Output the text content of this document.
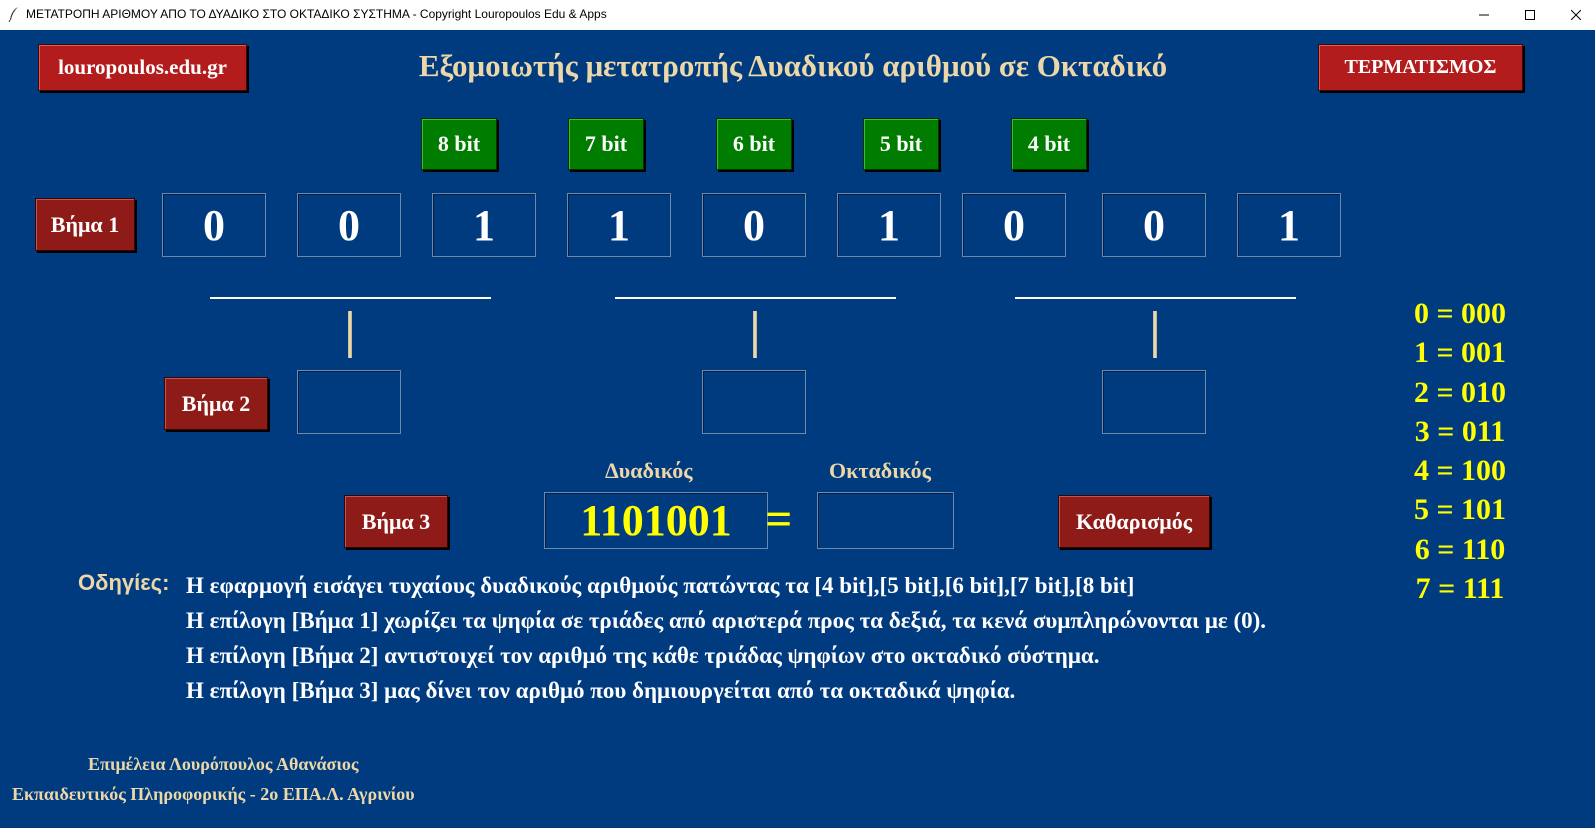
ΜΕΤΑΤΡΟΠΗ ΑΡΙΘΜΟΥ ΑΠΟ ΤΟ ΔΥΑΔΙΚΟ ΣΤΟ ΟΚΤΑΔΙΚΟ ΣΥΣΤΗΜΑ - Copyright Louropoulos Edu & Apps
louropoulos.edu.gr	Εξομοιωτής μετατροπής Δυαδικού αριθμού σε Οκταδικό	ΤΕΡΜΑΤΙΣΜΟΣ
8 bit	7 bit	6 bit	5 bit	4 bit
Βήμα 1	0	0	1	1	0	1	0	0	1
|	|	|
Βήμα 2
Δυαδικός	Οκταδικός
Βήμα 3	1101001 =	Καθαρισμός
0 = 000
1 = 001
2 = 010
3 = 011
4 = 100
5 = 101
6 = 110
7 = 111
Οδηγίες: Η εφαρμογή εισάγει τυχαίους δυαδικούς αριθμούς πατώντας τα [4 bit],[5 bit],[6 bit],[7 bit],[8 bit]
Η επίλογη [Βήμα 1] χωρίζει τα ψηφία σε τριάδες από αριστερά προς τα δεξιά, τα κενά συμπληρώνονται με (0).
Η επίλογη [Βήμα 2] αντιστοιχεί τον αριθμό της κάθε τριάδας ψηφίων στο οκταδικό σύστημα.
Η επίλογη [Βήμα 3] μας δίνει τον αριθμό που δημιουργείται από τα οκταδικά ψηφία.
Επιμέλεια Λουρόπουλος Αθανάσιος
Εκπαιδευτικός Πληροφορικής - 2ο ΕΠΑ.Λ. Αγρινίου
